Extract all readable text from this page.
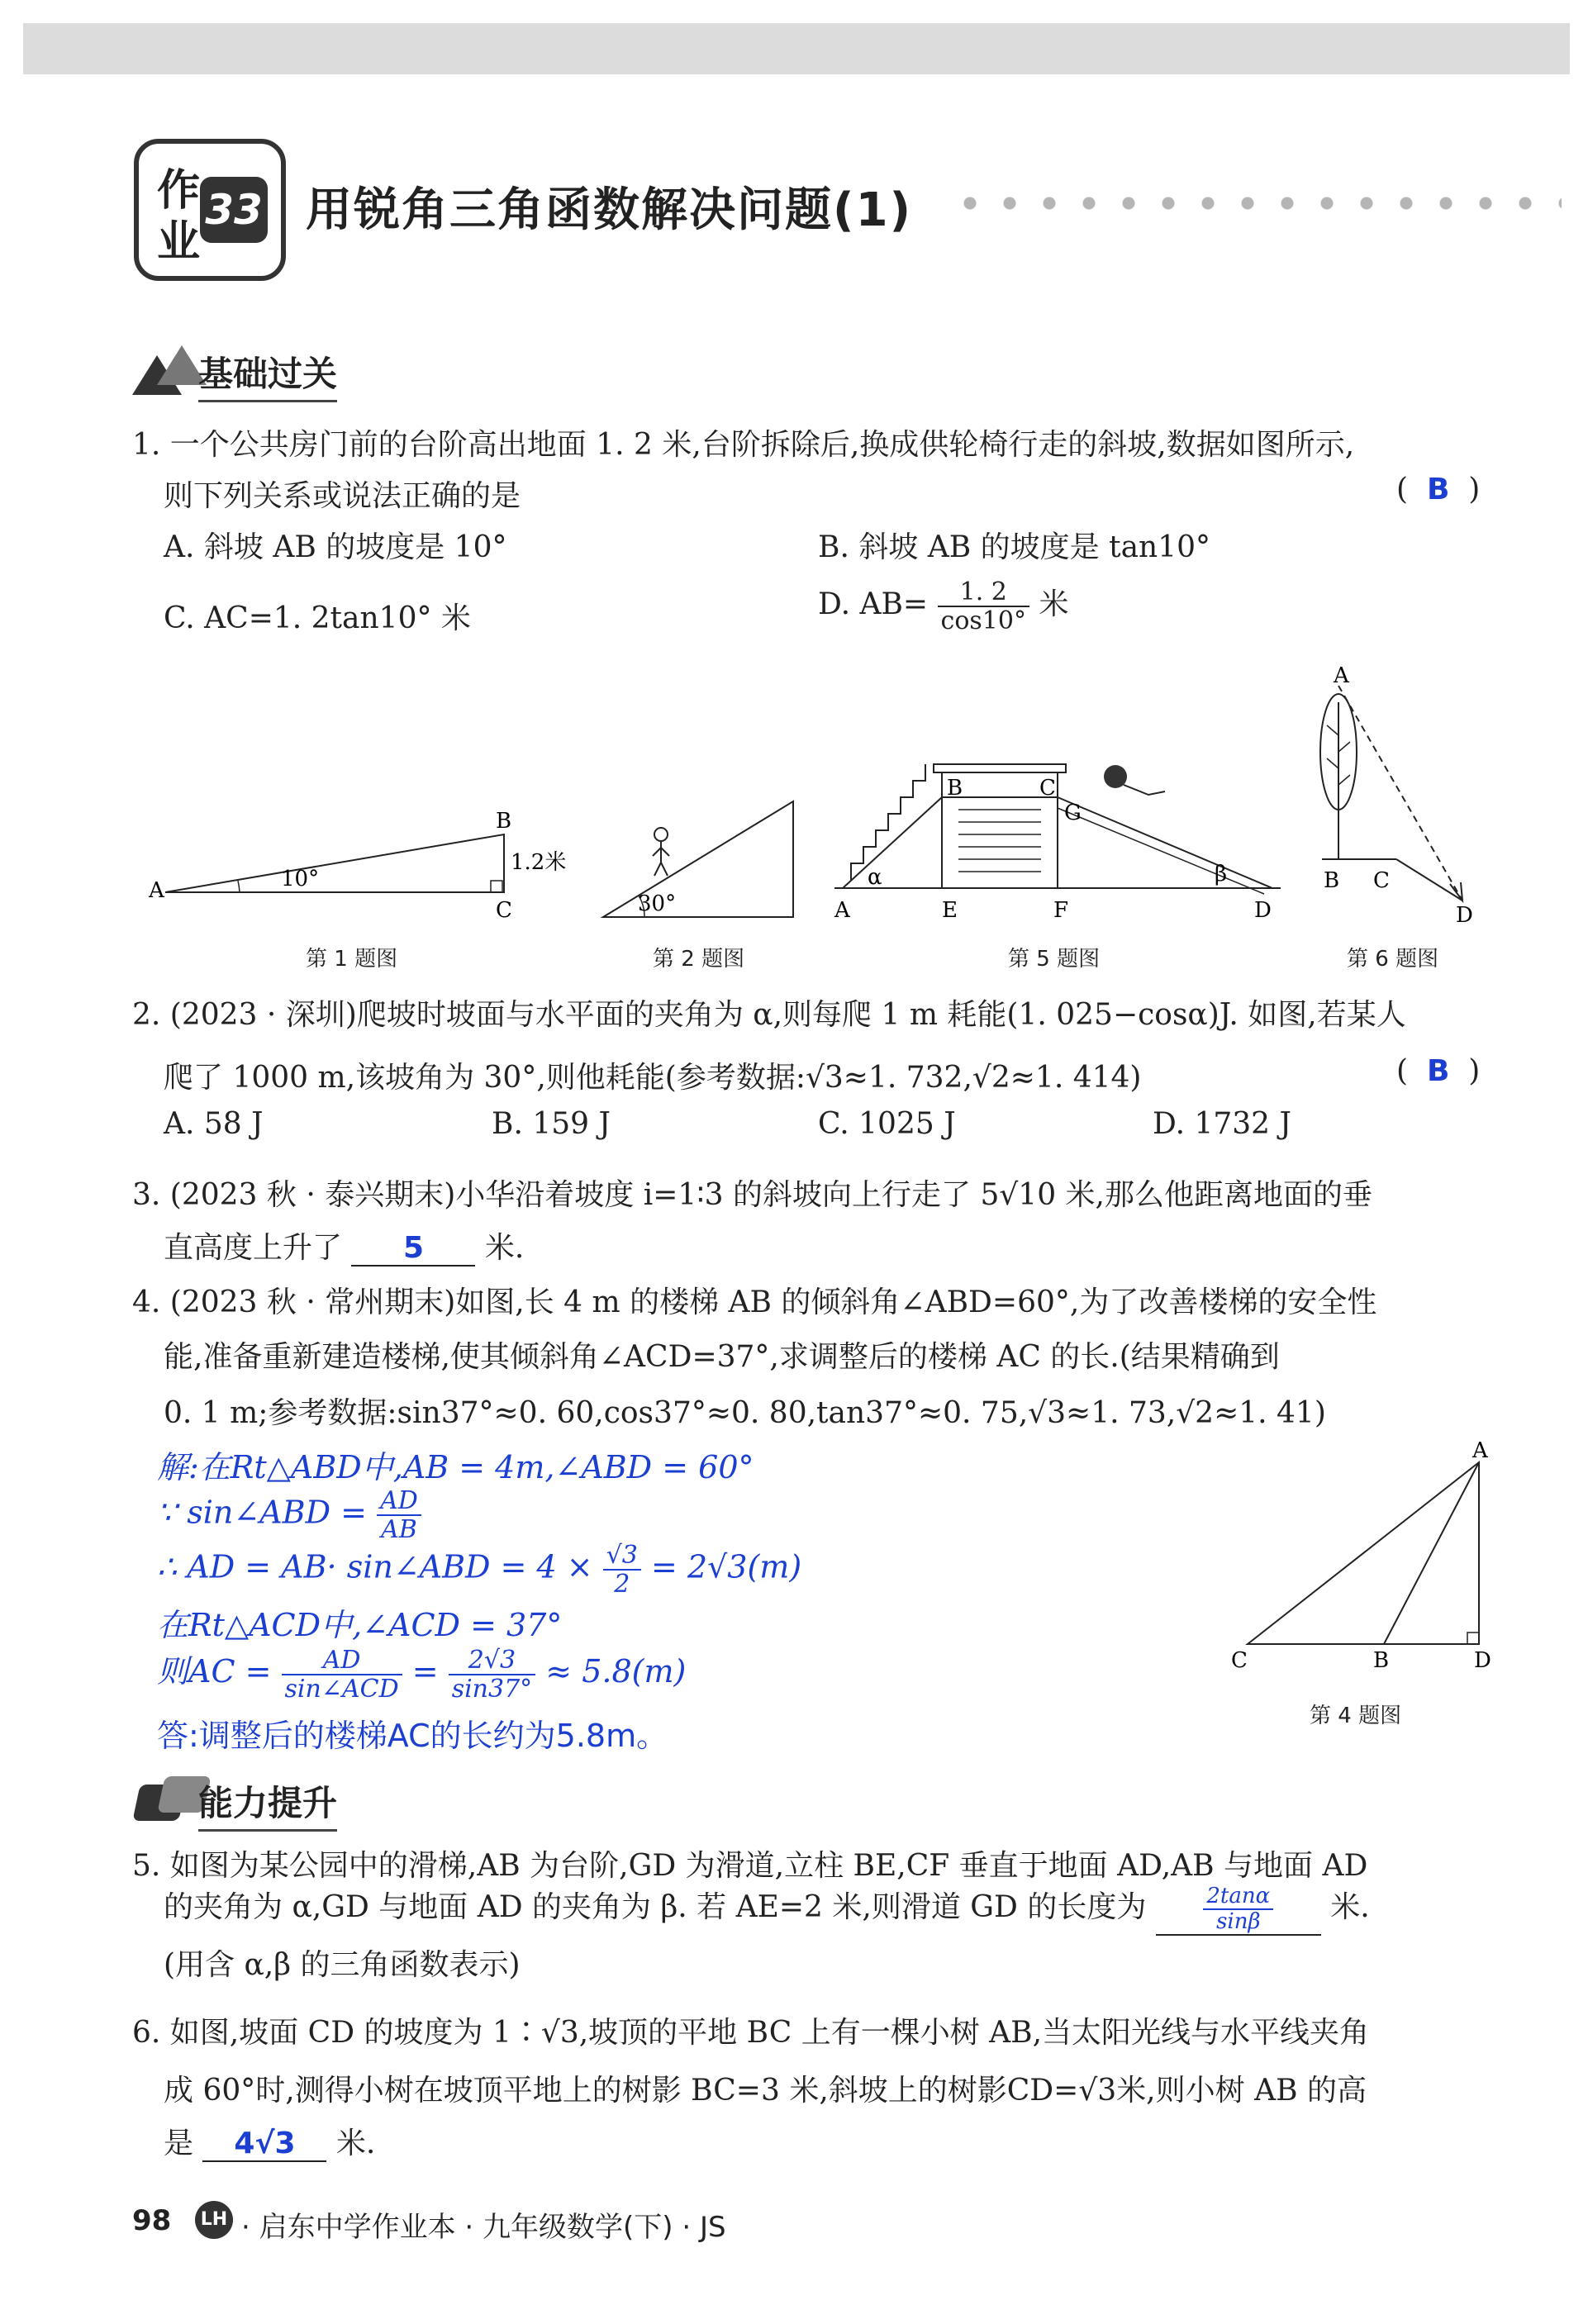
作
业
33 用锐角三角函数解决问题(1)
基础过关
1. 一个公共房门前的台阶高出地面 1. 2 米,台阶拆除后,换成供轮椅行走的斜坡,数据如图所示,
则下列关系或说法正确的是	(  B  )
A. 斜坡 AB 的坡度是 10°	B. 斜坡 AB 的坡度是 tan10°
C. AC=1. 2tan10° 米	D. $AB= \frac{1. 2}{\cos 10^\circ}$ 米
A
B
C
10°
1.2米
第 1 题图
30°
第 2 题图
A
B	C
G
E	F	D
α	β
第 5 题图
A
B C
D
第 6 题图
2. (2023 · 深圳)爬坡时坡面与水平面的夹角为 α,则每爬 1 m 耗能(1. 025−cosα)J. 如图,若某人
爬了 1000 m,该坡角为 30°,则他耗能(参考数据:√3≈1. 732,√2≈1. 414)	(  B  )
A. 58 J	B. 159 J	C. 1025 J	D. 1732 J
3. (2023 秋 · 泰兴期末)小华沿着坡度 i=1∶3 的斜坡向上行走了 5√10 米,那么他距离地面的垂
直高度上升了 5 米.
4. (2023 秋 · 常州期末)如图,长 4 m 的楼梯 AB 的倾斜角∠ABD=60°,为了改善楼梯的安全性
能,准备重新建造楼梯,使其倾斜角∠ACD=37°,求调整后的楼梯 AC 的长.(结果精确到
0. 1 m;参考数据:sin37°≈0. 60,cos37°≈0. 80,tan37°≈0. 75,√3≈1. 73,√2≈1. 41)
解:在Rt△ABD中,AB = 4m,∠ABD = 60°
∵ sin∠ABD = $\frac{AD}{AB}$
∴ AD = AB· sin∠ABD = $4 \times \frac{√3}{2} = 2√3(m)$
在Rt△ACD中,∠ACD = 37°
则AC = $\frac{AD}{\text{sin∠ACD}} = \frac{2√3}{\sin 37^\circ} \approx 5.8(m)$
答:调整后的楼梯AC的长约为5.8m。
A
C	B	D
第 4 题图
能力提升
5. 如图为某公园中的滑梯,AB 为台阶,GD 为滑道,立柱 BE,CF 垂直于地面 AD,AB 与地面 AD
的夹角为 α,GD 与地面 AD 的夹角为 β. 若 AE=2 米,则滑道 GD 的长度为	$\frac{2\tan\alpha}{\sin\beta}$ 米.
(用含 α,β 的三角函数表示)
6. 如图,坡面 CD 的坡度为 1∶√3,坡顶的平地 BC 上有一棵小树 AB,当太阳光线与水平线夹角
成 60°时,测得小树在坡顶平地上的树影 BC=3 米,斜坡上的树影CD=√3米,则小树 AB 的高
是 4√3 米.
98	LH · 启东中学作业本 · 九年级数学(下) · JS
